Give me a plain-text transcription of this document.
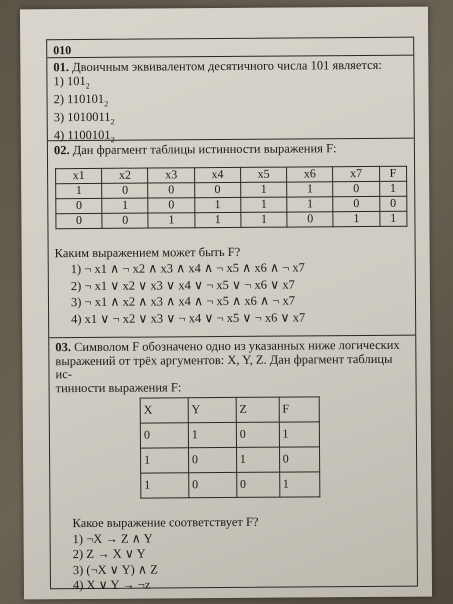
010
01. Двоичным эквивалентом десятичного числа 101 является:
1) $101_2$
2) $110101_2$
3) $1010011_2$
4) $1100101_2$
02. Дан фрагмент таблицы истинности выражения F:
x1	x2	x3	x4	x5	x6	x7	F
1	0	0	0	1	1	0	1
0	1	0	1	1	1	0	0
0	0	1	1	1	0	1	1
Каким выражением может быть F?
1) ¬ x1 ∧ ¬ x2 ∧ x3 ∧ x4 ∧ ¬ x5 ∧ x6 ∧ ¬ x7
2) ¬ x1 ∨ x2 ∨ x3 ∨ x4 ∨ ¬ x5 ∨ ¬ x6 ∨ x7
3) ¬ x1 ∧ x2 ∧ x3 ∧ x4 ∧ ¬ x5 ∧ x6 ∧ ¬ x7
4) x1 ∨ ¬ x2 ∨ x3 ∨ ¬ x4 ∨ ¬ x5 ∨ ¬ x6 ∨ x7
03. Символом F обозначено одно из указанных ниже логических
выражений от трёх аргументов: X, Y, Z. Дан фрагмент таблицы ис-
тинности выражения F:
X	Y	Z	F
0	1	0	1
1	0	1	0
1	0	0	1
Какое выражение соответствует F?
1) ¬X → Z ∧ Y
2) Z → X ∨ Y
3) (¬X ∨ Y) ∧ Z
4) X ∨ Y → ¬z
